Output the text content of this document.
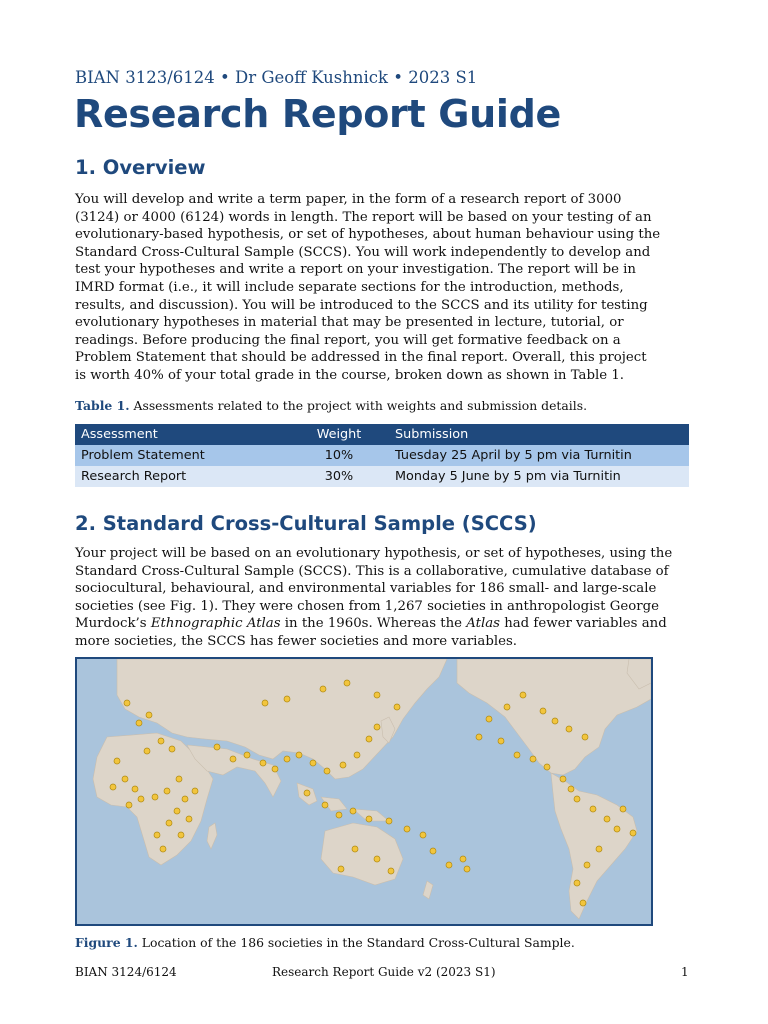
BIAN 3123/6124 • Dr Geoff Kushnick • 2023 S1
Research Report Guide
1. Overview
You will develop and write a term paper, in the form of a research report of 3000
(3124) or 4000 (6124) words in length. The report will be based on your testing of an
evolutionary-based hypothesis, or set of hypotheses, about human behaviour using the
Standard Cross-Cultural Sample (SCCS). You will work independently to develop and
test your hypotheses and write a report on your investigation. The report will be in
IMRD format (i.e., it will include separate sections for the introduction, methods,
results, and discussion). You will be introduced to the SCCS and its utility for testing
evolutionary hypotheses in material that may be presented in lecture, tutorial, or
readings. Before producing the final report, you will get formative feedback on a
Problem Statement that should be addressed in the final report. Overall, this project
is worth 40% of your total grade in the course, broken down as shown in Table 1.
Table 1. Assessments related to the project with weights and submission details.
Assessment	Weight	Submission
Problem Statement	10%	Tuesday 25 April by 5 pm via Turnitin
Research Report	30%	Monday 5 June by 5 pm via Turnitin
2. Standard Cross-Cultural Sample (SCCS)
Your project will be based on an evolutionary hypothesis, or set of hypotheses, using the
Standard Cross-Cultural Sample (SCCS). This is a collaborative, cumulative database of
sociocultural, behavioural, and environmental variables for 186 small- and large-scale
societies (see Fig. 1). They were chosen from 1,267 societies in anthropologist George
Murdock’s Ethnographic Atlas in the 1960s. Whereas the Atlas had fewer variables and
more societies, the SCCS has fewer societies and more variables.
Figure 1. Location of the 186 societies in the Standard Cross-Cultural Sample.
BIAN 3124/6124	Research Report Guide v2 (2023 S1)	1
